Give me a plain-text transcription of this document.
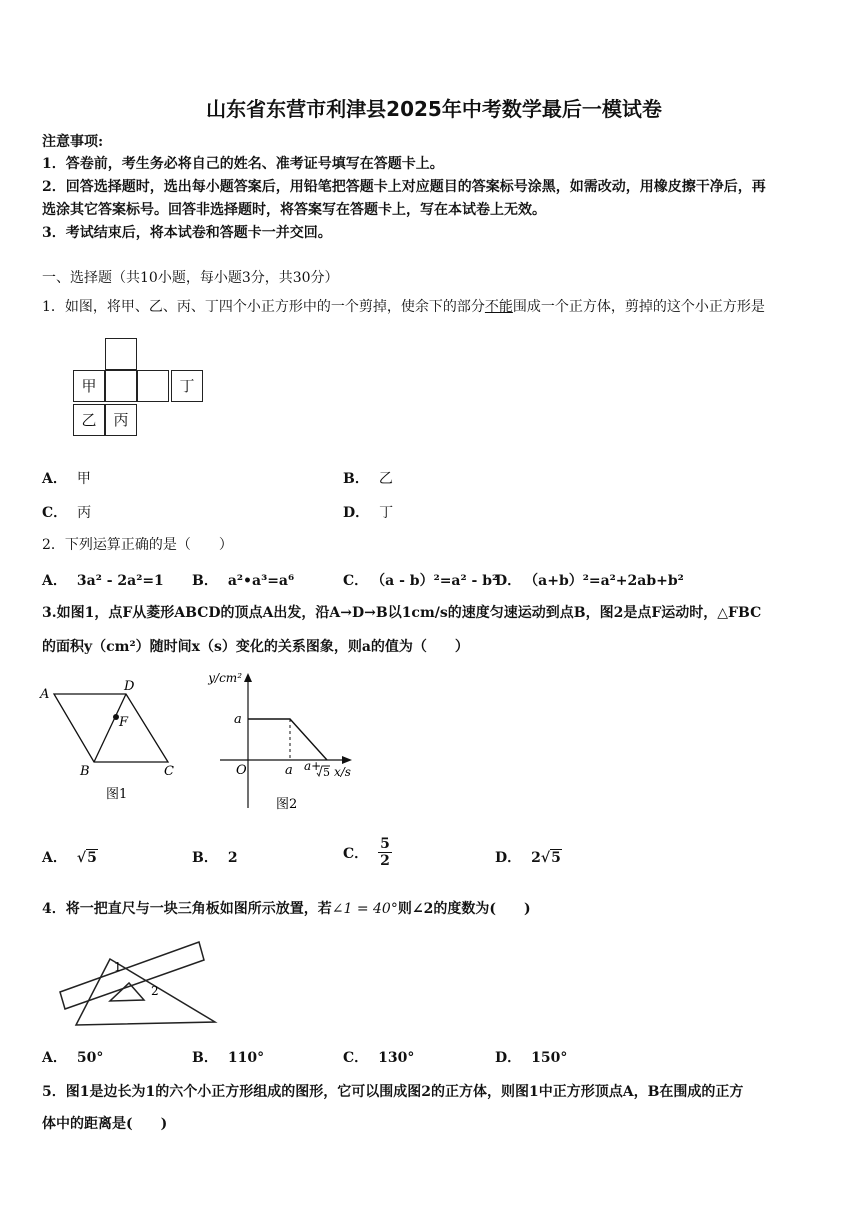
山东省东营市利津县2025年中考数学最后一模试卷
注意事项:
1．答卷前，考生务必将自己的姓名、准考证号填写在答题卡上。
2．回答选择题时，选出每小题答案后，用铅笔把答题卡上对应题目的答案标号涂黑，如需改动，用橡皮擦干净后，再
选涂其它答案标号。回答非选择题时，将答案写在答题卡上，写在本试卷上无效。
3．考试结束后，将本试卷和答题卡一并交回。
一、选择题（共10小题，每小题3分，共30分）
1．如图，将甲、乙、丙、丁四个小正方形中的一个剪掉，使余下的部分不能围成一个正方体，剪掉的这个小正方形是
甲	丁
乙	丙
A． 甲	B． 乙
C． 丙	D． 丁
2．下列运算正确的是（　　）
A． 3a² - 2a²=1 B． a²•a³=a⁶	C． （a - b）²=a² - b²
D． （a+b）²=a²+2ab+b²
3.如图1，点F从菱形ABCD的顶点A出发，沿A→D→B以1cm/s的速度匀速运动到点B，图2是点F运动时，△FBC
的面积y（cm²）随时间x（s）变化的关系图象，则a的值为（　　）
A
D
F
B	C
图1
y/cm²
a
O	a a+ 5 x/s
图2
A． √5	B． 2	C． $\frac{5}{2}$	D． 2√5
4．将一把直尺与一块三角板如图所示放置，若∠1 = 40°则∠2的度数为(　　)
1
2
A． 50°	B． 110°	C． 130°	D． 150°
5．图1是边长为1的六个小正方形组成的图形，它可以围成图2的正方体，则图1中正方形顶点A，B在围成的正方
体中的距离是(　　)
